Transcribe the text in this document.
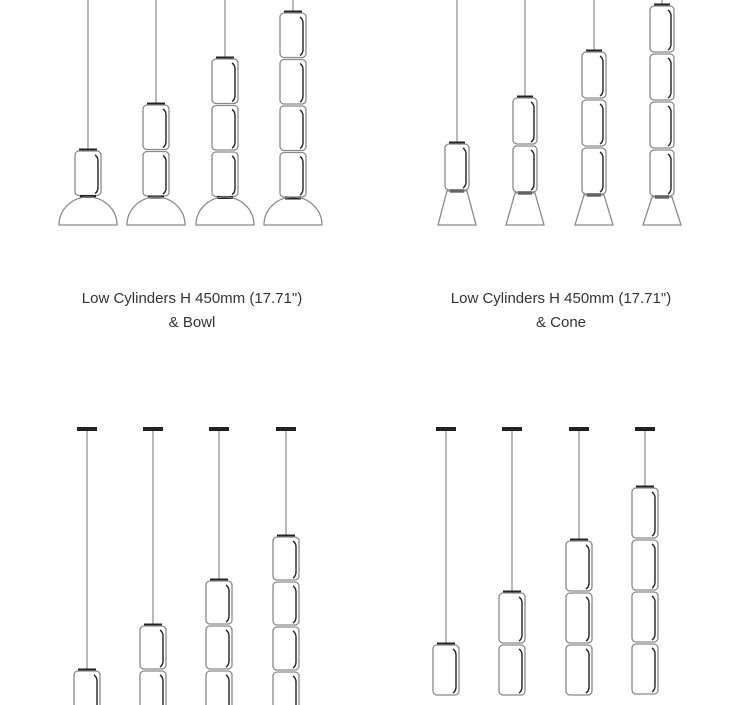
Low Cylinders H 450mm (17.71")
& Bowl
Low Cylinders H 450mm (17.71")
& Cone
